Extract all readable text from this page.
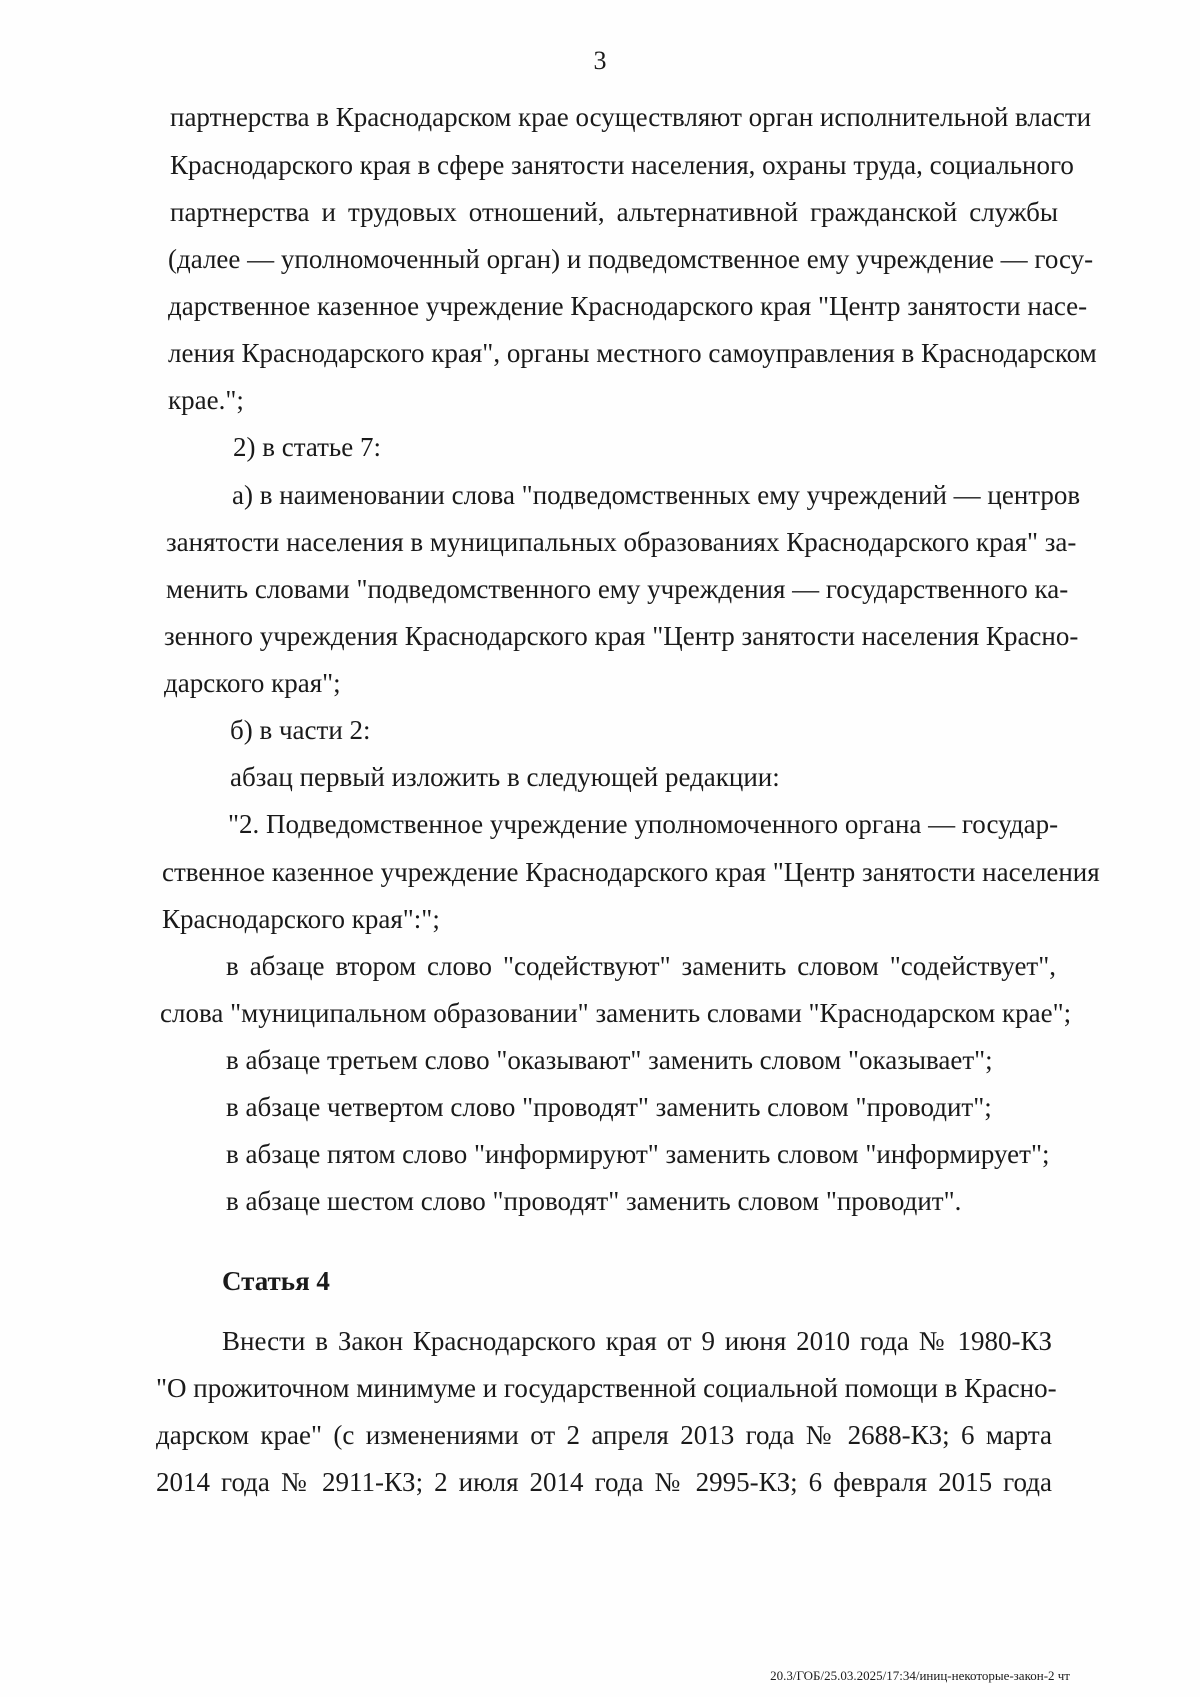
3
партнерства в Краснодарском крае осуществляют орган исполнительной власти
Краснодарского края в сфере занятости населения, охраны труда, социального
партнерства и трудовых отношений, альтернативной гражданской службы
(далее — уполномоченный орган) и подведомственное ему учреждение — госу-
дарственное казенное учреждение Краснодарского края "Центр занятости насе-
ления Краснодарского края", органы местного самоуправления в Краснодарском
крае.";
2) в статье 7:
а) в наименовании слова "подведомственных ему учреждений — центров
занятости населения в муниципальных образованиях Краснодарского края" за-
менить словами "подведомственного ему учреждения — государственного ка-
зенного учреждения Краснодарского края "Центр занятости населения Красно-
дарского края";
б) в части 2:
абзац первый изложить в следующей редакции:
"2. Подведомственное учреждение уполномоченного органа — государ-
ственное казенное учреждение Краснодарского края "Центр занятости населения
Краснодарского края":";
в абзаце втором слово "содействуют" заменить словом "содействует",
слова "муниципальном образовании" заменить словами "Краснодарском крае";
в абзаце третьем слово "оказывают" заменить словом "оказывает";
в абзаце четвертом слово "проводят" заменить словом "проводит";
в абзаце пятом слово "информируют" заменить словом "информирует";
в абзаце шестом слово "проводят" заменить словом "проводит".
Статья 4
Внести в Закон Краснодарского края от 9 июня 2010 года № 1980-КЗ
"О прожиточном минимуме и государственной социальной помощи в Красно-
дарском крае" (с изменениями от 2 апреля 2013 года № 2688-КЗ; 6 марта
2014 года № 2911-КЗ; 2 июля 2014 года № 2995-КЗ; 6 февраля 2015 года
20.3/ГОБ/25.03.2025/17:34/иниц-некоторые-закон-2 чт
